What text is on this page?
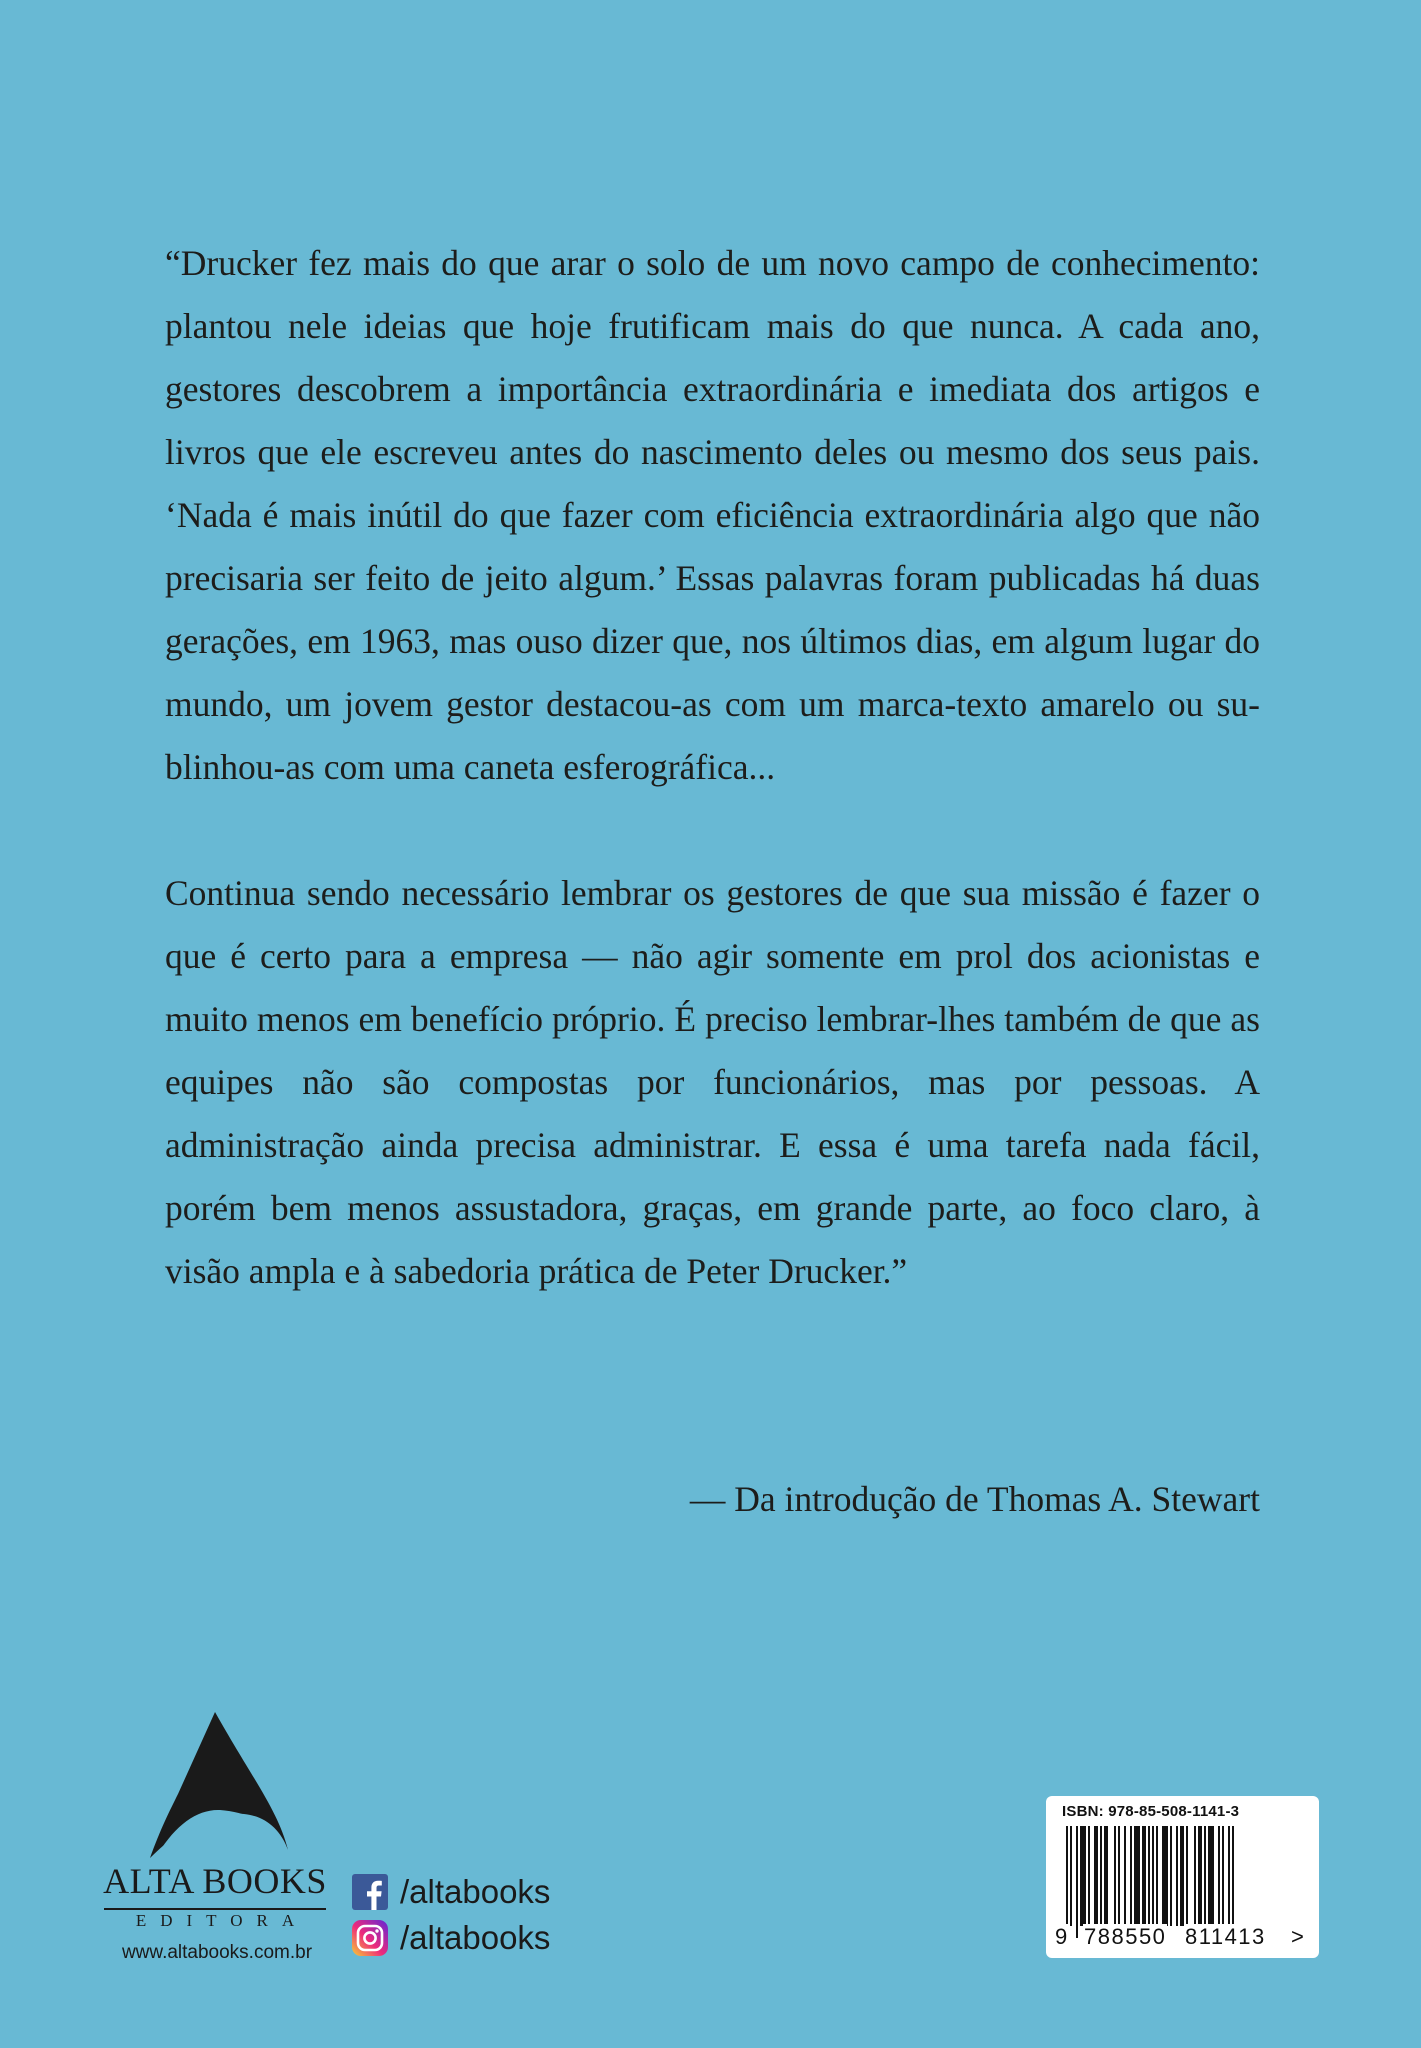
“Drucker fez mais do que arar o solo de um novo campo de conhecimento: plantou nele ideias que hoje frutificam mais do que nunca. A cada ano, gestores descobrem a importância extraordinária e imediata dos artigos e livros que ele escreveu antes do nascimento deles ou mesmo dos seus pais. ‘Nada é mais inútil do que fazer com eficiência extraordinária algo que não precisaria ser feito de jeito algum.’ Essas palavras foram publicadas há duas gerações, em 1963, mas ouso dizer que, nos últimos dias, em algum lugar do mundo, um jovem gestor destacou-as com um marca-texto amarelo ou sublinhou-as com uma caneta esferográfica...

Continua sendo necessário lembrar os gestores de que sua missão é fazer o que é certo para a empresa — não agir somente em prol dos acionistas e muito menos em benefício próprio. É preciso lembrar-lhes também de que as equipes não são compostas por funcionários, mas por pessoas. A administração ainda precisa administrar. E essa é uma tarefa nada fácil, porém bem menos assustadora, graças, em grande parte, ao foco claro, à visão ampla e à sabedoria prática de Peter Drucker.”

— Da introdução de Thomas A. Stewart
ALTA BOOKS
EDITORA
www.altabooks.com.br
/altabooks
/altabooks
ISBN: 978-85-508-1141-3
9 788550 811413 >
